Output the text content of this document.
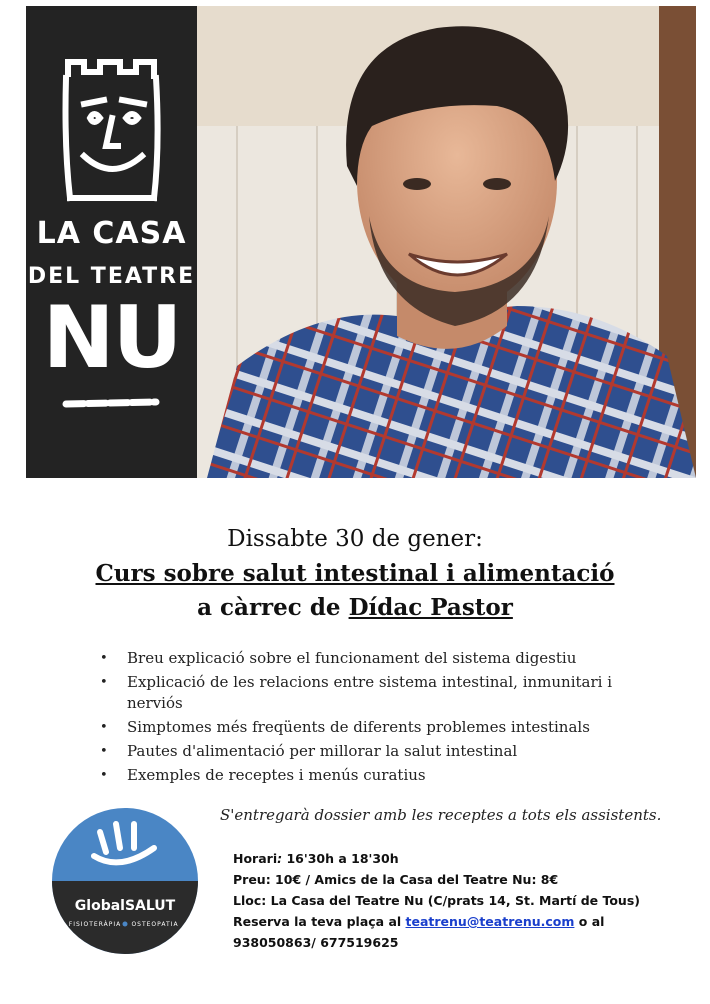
LA CASA
DEL TEATRE
NU
Dissabte 30 de gener:
Curs sobre salut intestinal i alimentació
a càrrec de Dídac Pastor
• Breu explicació sobre el funcionament del sistema digestiu
• Explicació de les relacions entre sistema intestinal, inmunitari i nerviós
• Simptomes més freqüents de diferents problemes intestinals
• Pautes d'alimentació per millorar la salut intestinal
• Exemples de receptes i menús curatius
S'entregarà dossier amb les receptes a tots els assistents.
GlobalSALUT
FISIOTERÀPIA OSTEOPATIA
Horari: 16'30h a 18'30h
Preu: 10€ / Amics de la Casa del Teatre Nu: 8€
Lloc: La Casa del Teatre Nu (C/prats 14, St. Martí de Tous)
Reserva la teva plaça al teatrenu@teatrenu.com o al
938050863/ 677519625
